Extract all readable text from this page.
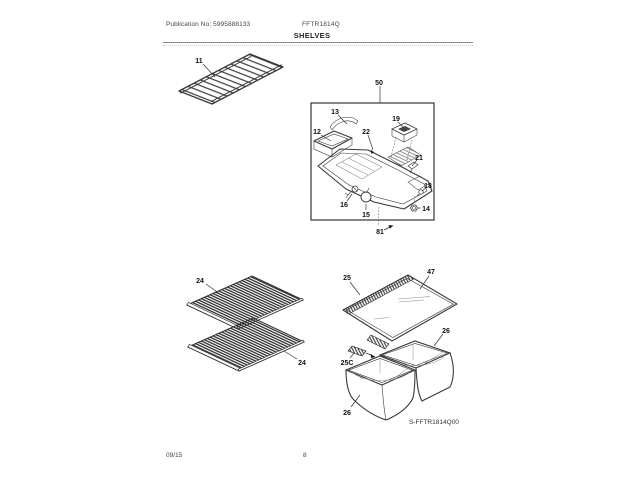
Publication No: 5995888133	FFTR1814Q
SHELVES
11
50
13
12	22
19
21
18
16
15
14
81
24
24
25
47
26
25C
26
S-FFTR1814Q00
09/15	8
